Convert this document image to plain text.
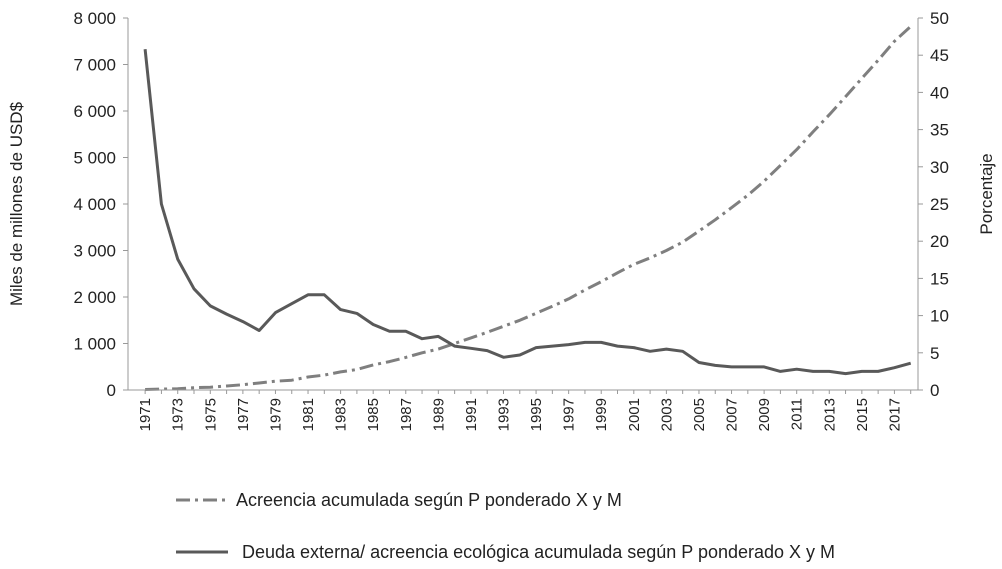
0
1 000
2 000
3 000
4 000
5 000
6 000
7 000
8 000
0
5
10
15
20
25
30
35
40
45
50
1971 1973 1975 1977 1979 1981 1983 1985 1987 1989 1991 1993 1995 1997 1999 2001 2003 2005 2007 2009 2011 2013 2015 2017
Miles de millones de USD$	Porcentaje
Acreencia acumulada según P ponderado X y M
Deuda externa/ acreencia ecológica acumulada según P ponderado X y M
